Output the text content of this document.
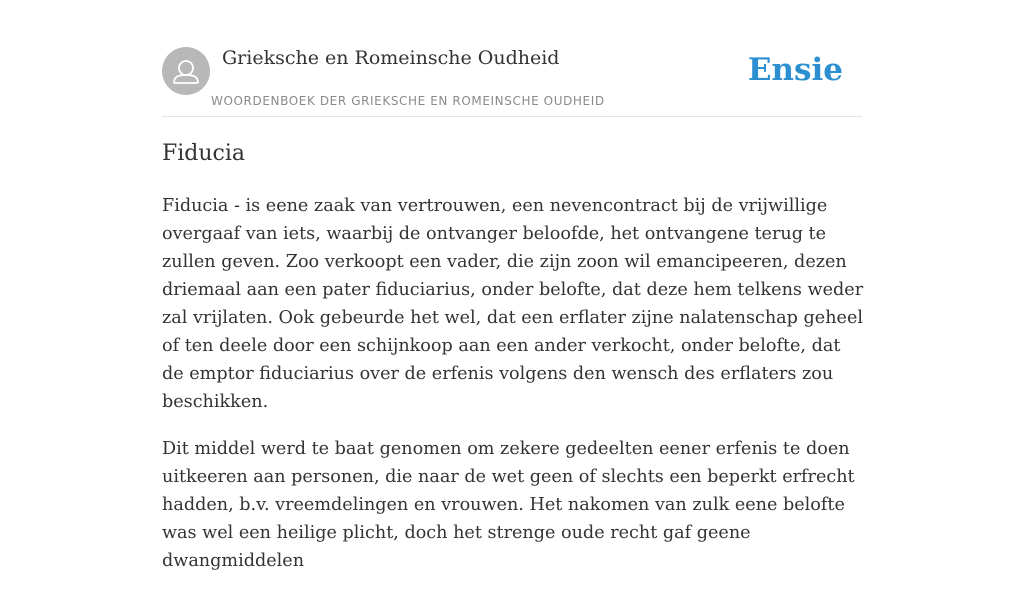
Grieksche en Romeinsche Oudheid
WOORDENBOEK DER GRIEKSCHE EN ROMEINSCHE OUDHEID
Ensie
Fiducia

Fiducia - is eene zaak van vertrouwen, een nevencontract bij de vrijwillige overgaaf van iets, waarbij de ontvanger beloofde, het ontvangene terug te zullen geven. Zoo verkoopt een vader, die zijn zoon wil emancipeeren, dezen driemaal aan een pater fiduciarius, onder belofte, dat deze hem telkens weder zal vrijlaten. Ook gebeurde het wel, dat een erflater zijne nalatenschap geheel of ten deele door een schijnkoop aan een ander verkocht, onder belofte, dat de emptor fiduciarius over de erfenis volgens den wensch des erflaters zou beschikken.

Dit middel werd te baat genomen om zekere gedeelten eener erfenis te doen uitkeeren aan personen, die naar de wet geen of slechts een beperkt erfrecht hadden, b.v. vreemdelingen en vrouwen. Het nakomen van zulk eene belofte was wel een heilige plicht, doch het strenge oude recht gaf geene dwangmiddelen
